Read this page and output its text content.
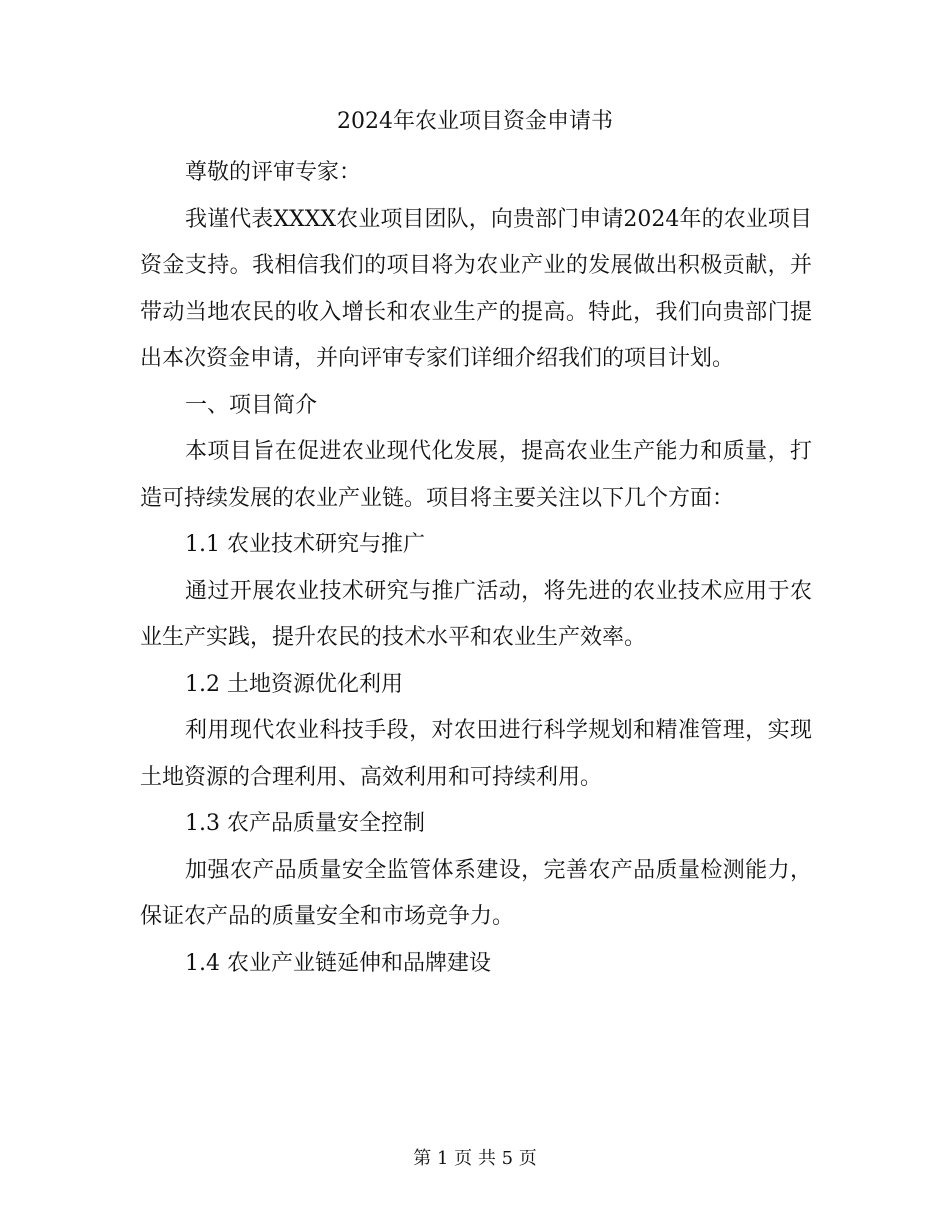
2024年农业项目资金申请书

尊敬的评审专家：

我谨代表XXXX农业项目团队，向贵部门申请2024年的农业项目资金支持。我相信我们的项目将为农业产业的发展做出积极贡献，并带动当地农民的收入增长和农业生产的提高。特此，我们向贵部门提出本次资金申请，并向评审专家们详细介绍我们的项目计划。

一、项目简介

本项目旨在促进农业现代化发展，提高农业生产能力和质量，打造可持续发展的农业产业链。项目将主要关注以下几个方面：

1.1 农业技术研究与推广

通过开展农业技术研究与推广活动，将先进的农业技术应用于农业生产实践，提升农民的技术水平和农业生产效率。

1.2 土地资源优化利用

利用现代农业科技手段，对农田进行科学规划和精准管理，实现土地资源的合理利用、高效利用和可持续利用。

1.3 农产品质量安全控制

加强农产品质量安全监管体系建设，完善农产品质量检测能力，保证农产品的质量安全和市场竞争力。

1.4 农业产业链延伸和品牌建设

第 1 页 共 5 页
